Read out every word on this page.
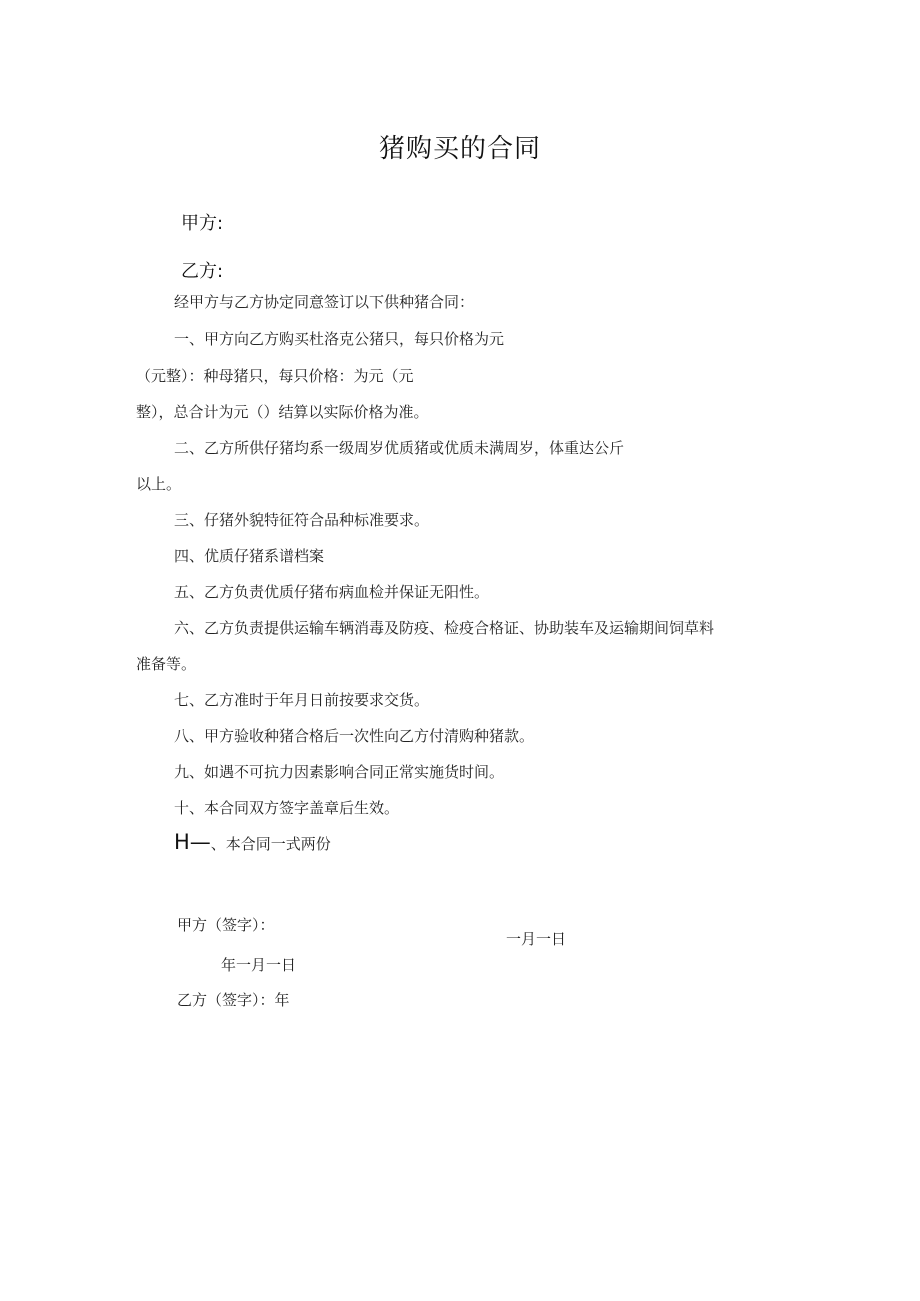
猪购买的合同
甲方:
乙方:
经甲方与乙方协定同意签订以下供种猪合同：
一、甲方向乙方购买杜洛克公猪只，每只价格为元
（元整）：种母猪只，每只价格：为元（元
整），总合计为元（）结算以实际价格为准。
二、乙方所供仔猪均系一级周岁优质猪或优质未满周岁，体重达公斤
以上。
三、仔猪外貌特征符合品种标准要求。
四、优质仔猪系谱档案
五、乙方负责优质仔猪布病血检并保证无阳性。
六、乙方负责提供运输车辆消毒及防疫、检疫合格证、协助装车及运输期间饲草料
准备等。
七、乙方准时于年月日前按要求交货。
八、甲方验收种猪合格后一次性向乙方付清购种猪款。
九、如遇不可抗力因素影响合同正常实施货时间。
十、本合同双方签字盖章后生效。
H—、本合同一式两份
甲方（签字）：
一月一日
年一月一日
乙方（签字）：年
